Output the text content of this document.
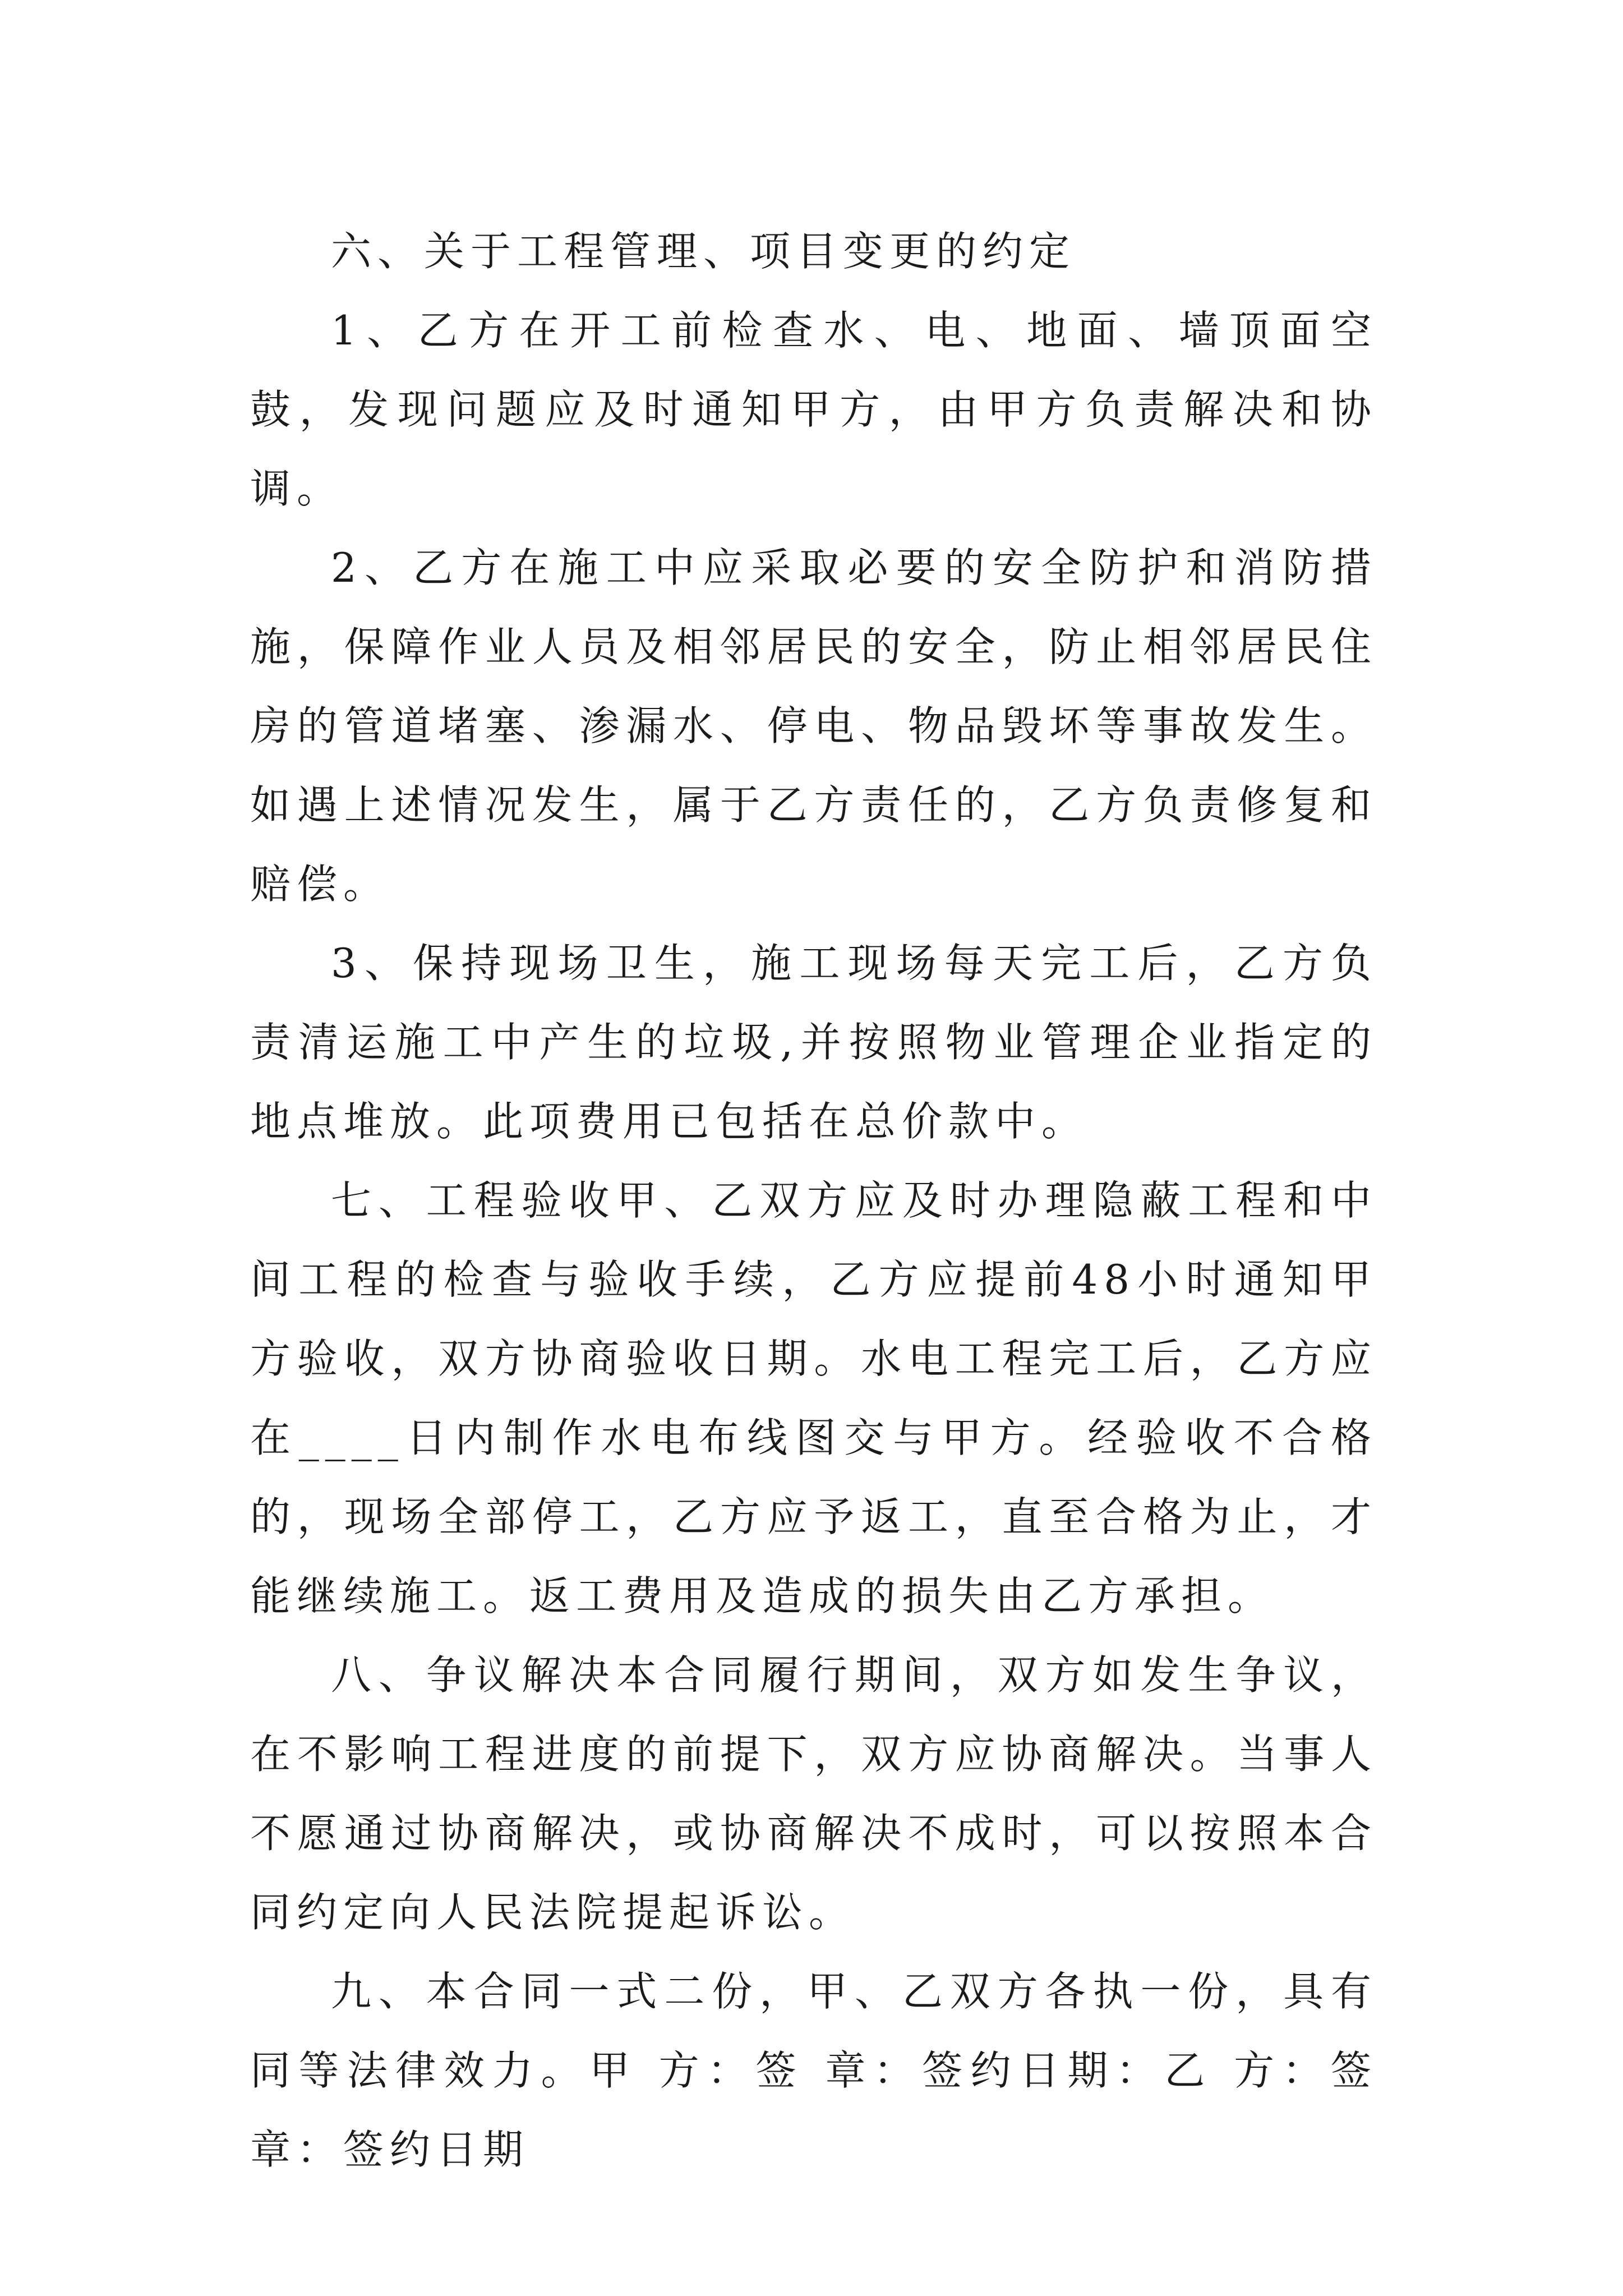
六、关于工程管理、项目变更的约定

1、乙方在开工前检查水、电、地面、墙顶面空鼓，发现问题应及时通知甲方，由甲方负责解决和协调。

2、乙方在施工中应采取必要的安全防护和消防措施，保障作业人员及相邻居民的安全，防止相邻居民住房的管道堵塞、渗漏水、停电、物品毁坏等事故发生。如遇上述情况发生，属于乙方责任的，乙方负责修复和赔偿。

3、保持现场卫生，施工现场每天完工后，乙方负责清运施工中产生的垃圾,并按照物业管理企业指定的地点堆放。此项费用已包括在总价款中。

七、工程验收甲、乙双方应及时办理隐蔽工程和中间工程的检查与验收手续，乙方应提前48小时通知甲方验收，双方协商验收日期。水电工程完工后，乙方应在____日内制作水电布线图交与甲方。经验收不合格的，现场全部停工，乙方应予返工，直至合格为止，才能继续施工。返工费用及造成的损失由乙方承担。

八、争议解决本合同履行期间，双方如发生争议，在不影响工程进度的前提下，双方应协商解决。当事人不愿通过协商解决，或协商解决不成时，可以按照本合同约定向人民法院提起诉讼。

九、本合同一式二份，甲、乙双方各执一份，具有同等法律效力。甲 方：签 章：签约日期：乙 方：签 章：签约日期
